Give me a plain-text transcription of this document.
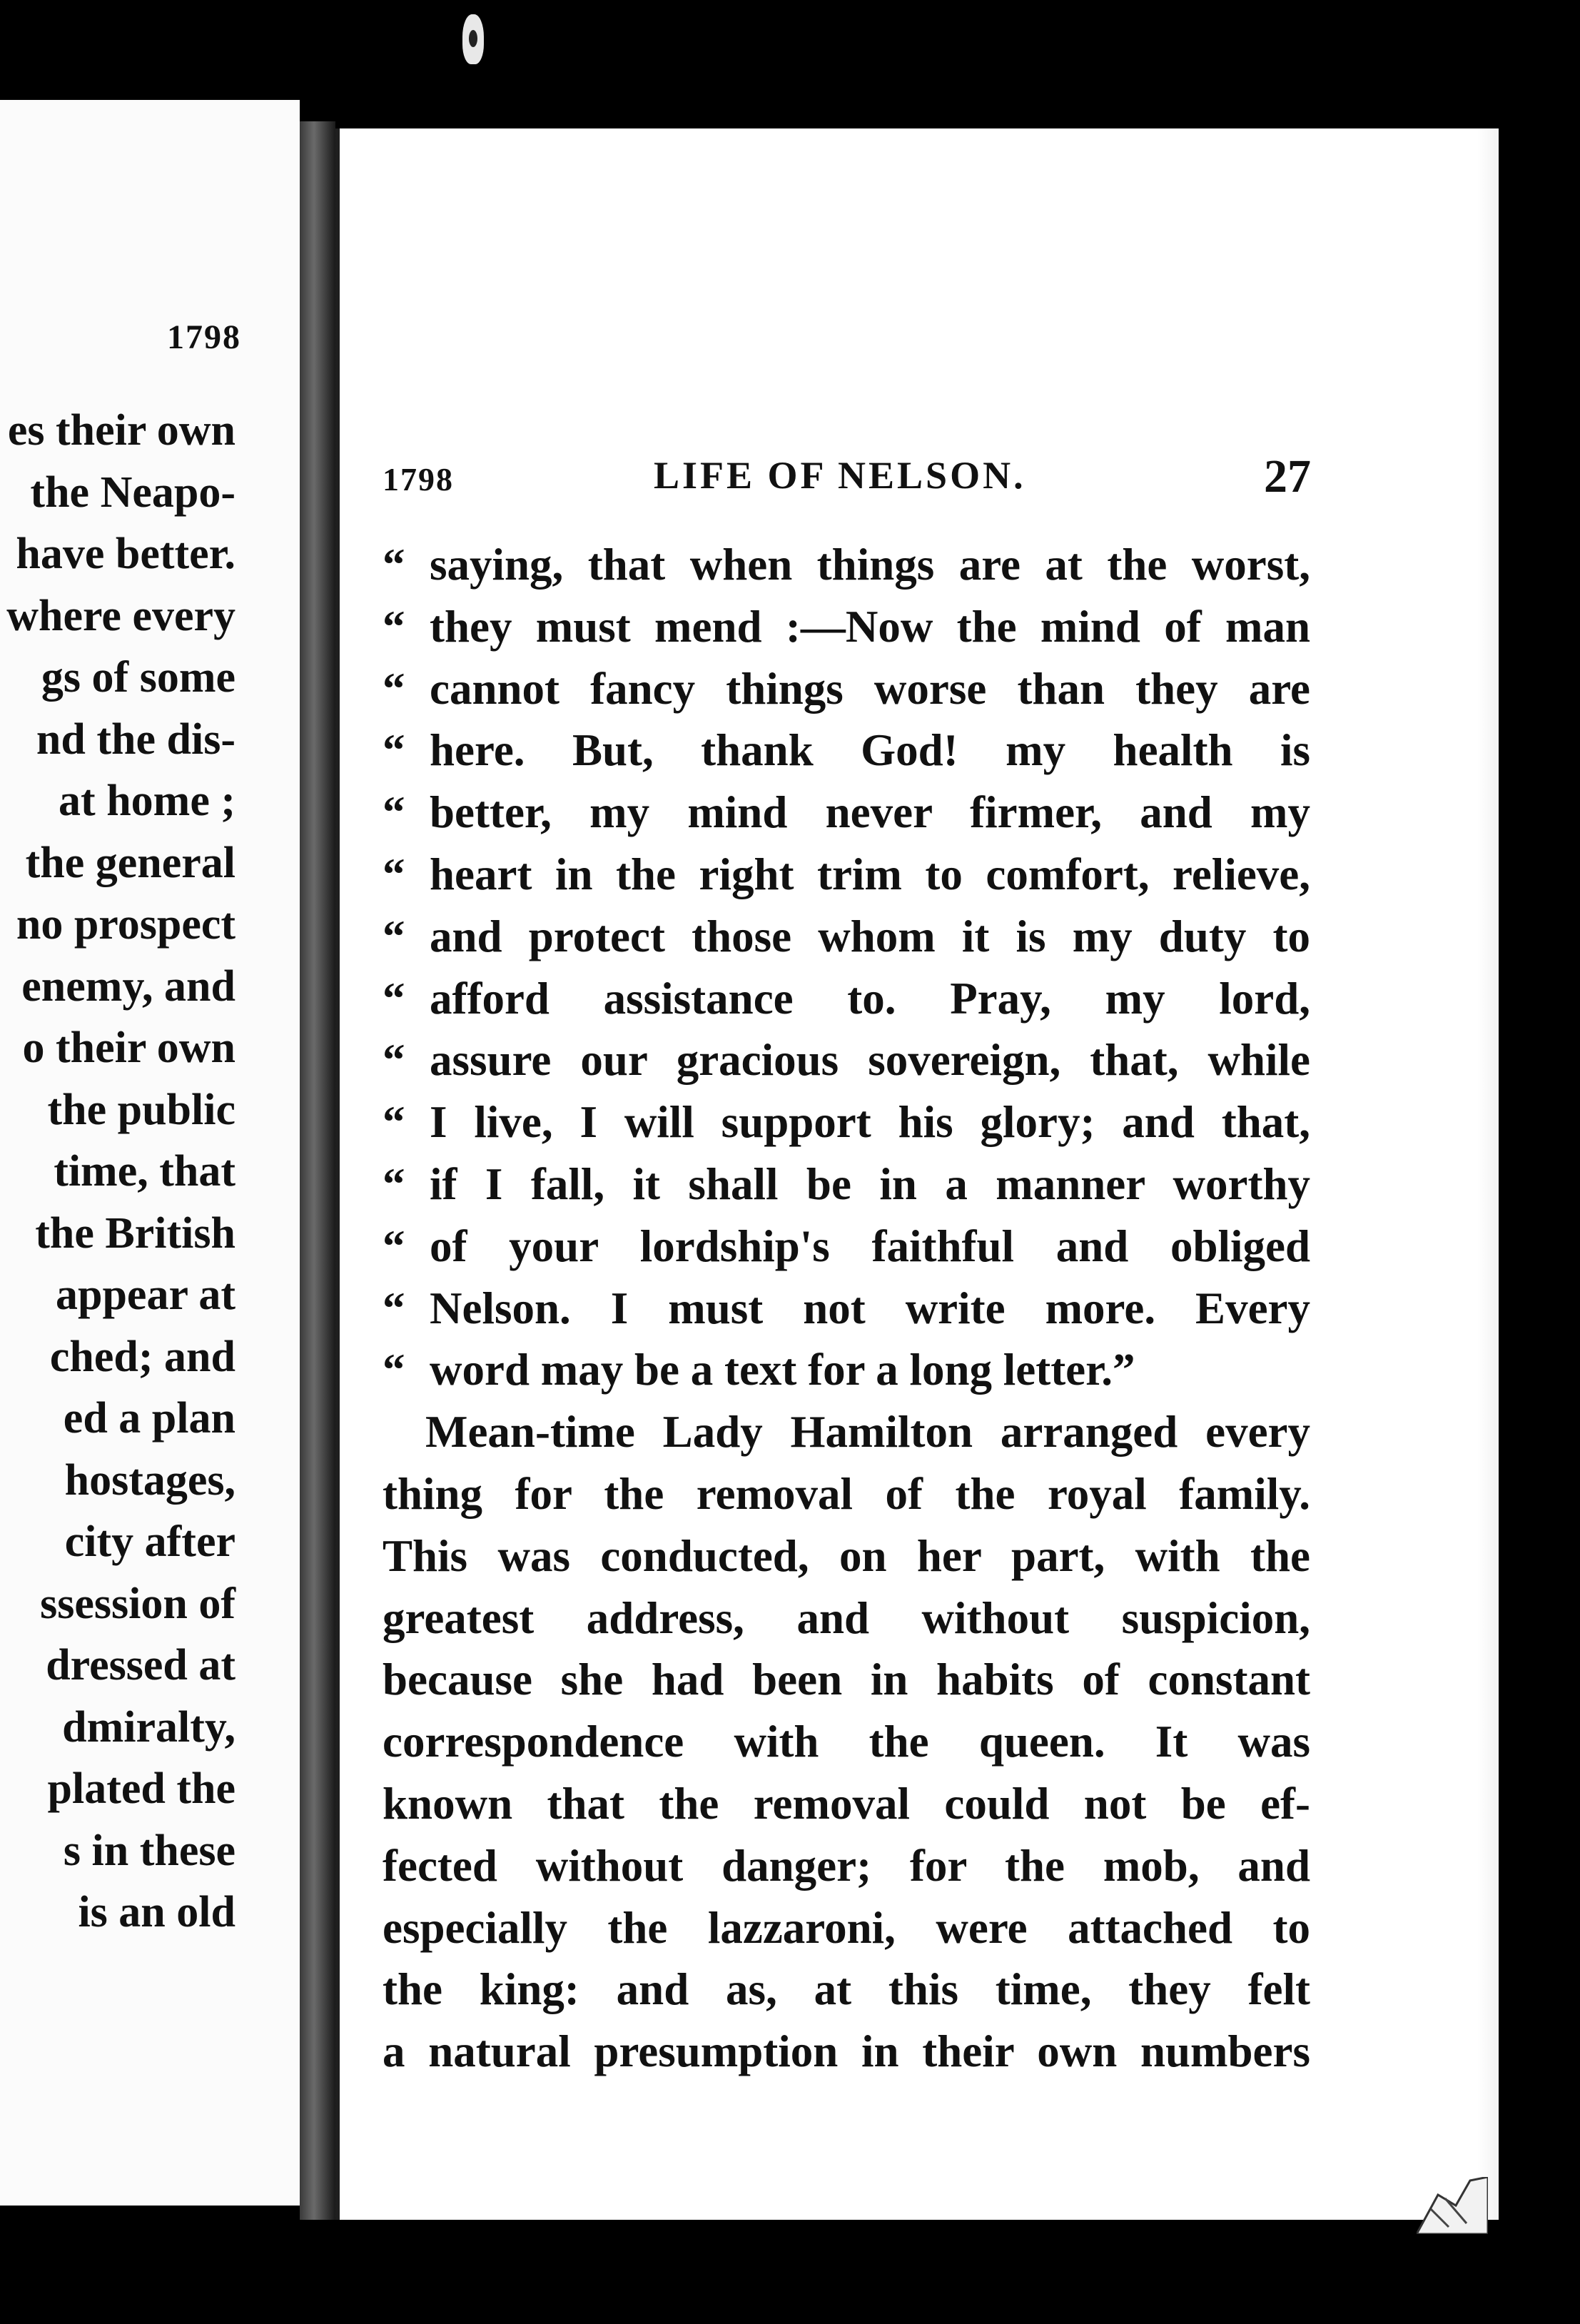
1798
es their own
the Neapo-
have better.
where every
gs of some
nd the dis-
at home ;
the general
no prospect
enemy, and
o their own
the public
time, that
the British
appear at
ched; and
ed a plan
hostages,
city after
ssession of
dressed at
dmiralty,
plated the
s in these
is an old
1798	LIFE OF NELSON.	27
“ saying, that when things are at the worst,
“ they must mend :—Now the mind of man
“ cannot fancy things worse than they are
“ here. But, thank God! my health is
“ better, my mind never firmer, and my
“ heart in the right trim to comfort, relieve,
“ and protect those whom it is my duty to
“ afford assistance to. Pray, my lord,
“ assure our gracious sovereign, that, while
“ I live, I will support his glory; and that,
“ if I fall, it shall be in a manner worthy
“ of your lordship's faithful and obliged
“ Nelson. I must not write more. Every
“ word may be a text for a long letter.”
Mean-time Lady Hamilton arranged every
thing for the removal of the royal family.
This was conducted, on her part, with the
greatest address, and without suspicion,
because she had been in habits of constant
correspondence with the queen. It was
known that the removal could not be ef-
fected without danger; for the mob, and
especially the lazzaroni, were attached to
the king: and as, at this time, they felt
a natural presumption in their own numbers
